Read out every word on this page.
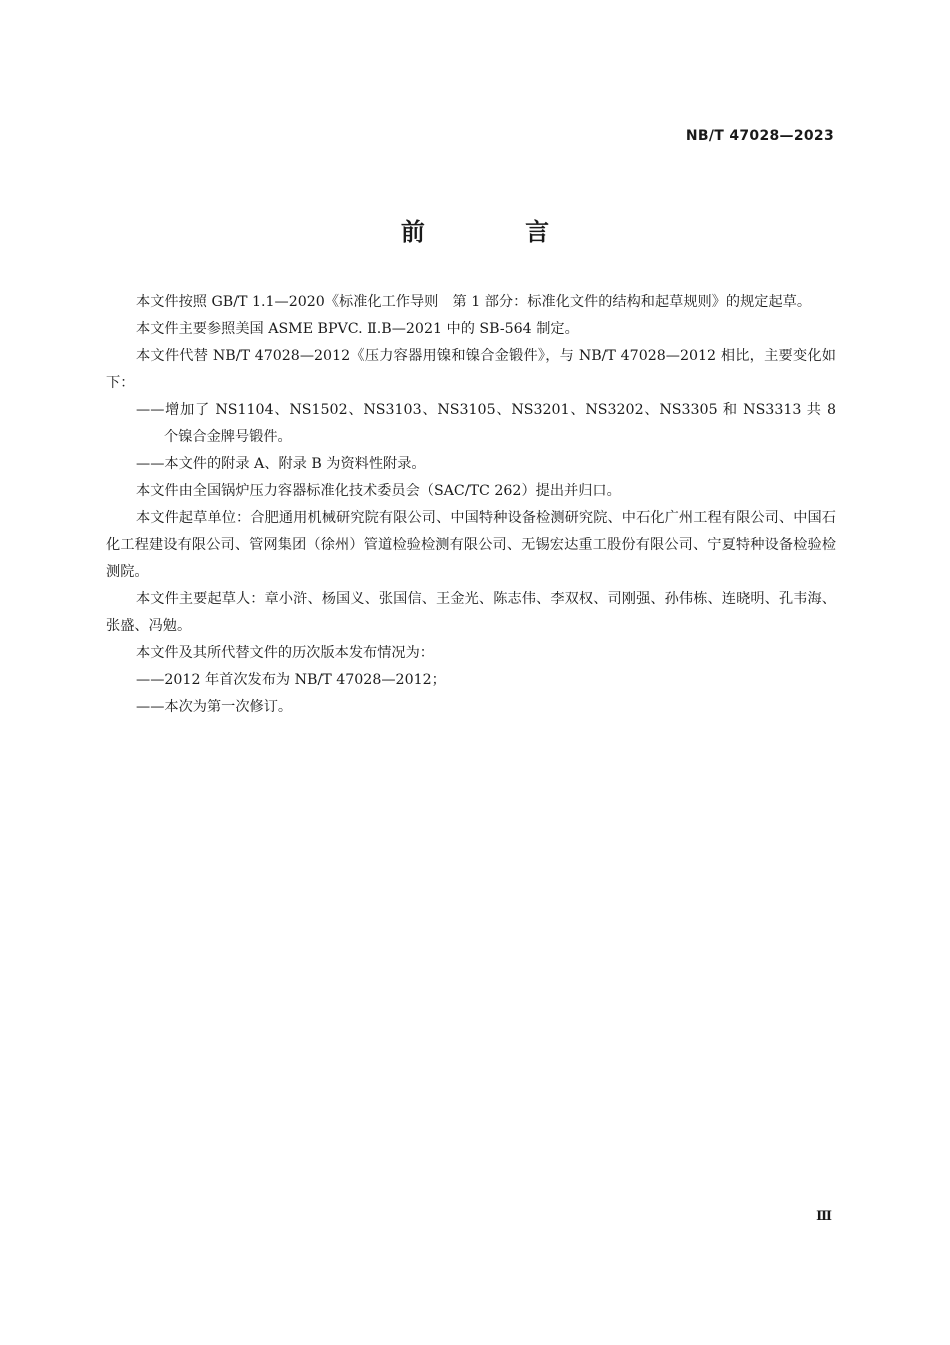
NB/T 47028—2023
前 言

本文件按照 GB/T 1.1—2020《标准化工作导则　第 1 部分：标准化文件的结构和起草规则》的规定起草。

本文件主要参照美国 ASME BPVC. Ⅱ.B—2021 中的 SB-564 制定。

本文件代替 NB/T 47028—2012《压力容器用镍和镍合金锻件》，与 NB/T 47028—2012 相比，主要变化如下：

——增加了 NS1104、NS1502、NS3103、NS3105、NS3201、NS3202、NS3305 和 NS3313 共 8 个镍合金牌号锻件。

——本文件的附录 A、附录 B 为资料性附录。

本文件由全国锅炉压力容器标准化技术委员会（SAC/TC 262）提出并归口。

本文件起草单位：合肥通用机械研究院有限公司、中国特种设备检测研究院、中石化广州工程有限公司、中国石化工程建设有限公司、管网集团（徐州）管道检验检测有限公司、无锡宏达重工股份有限公司、宁夏特种设备检验检测院。

本文件主要起草人：章小浒、杨国义、张国信、王金光、陈志伟、李双权、司刚强、孙伟栋、连晓明、孔韦海、张盛、冯勉。

本文件及其所代替文件的历次版本发布情况为：

——2012 年首次发布为 NB/T 47028—2012；

——本次为第一次修订。

Ⅲ
